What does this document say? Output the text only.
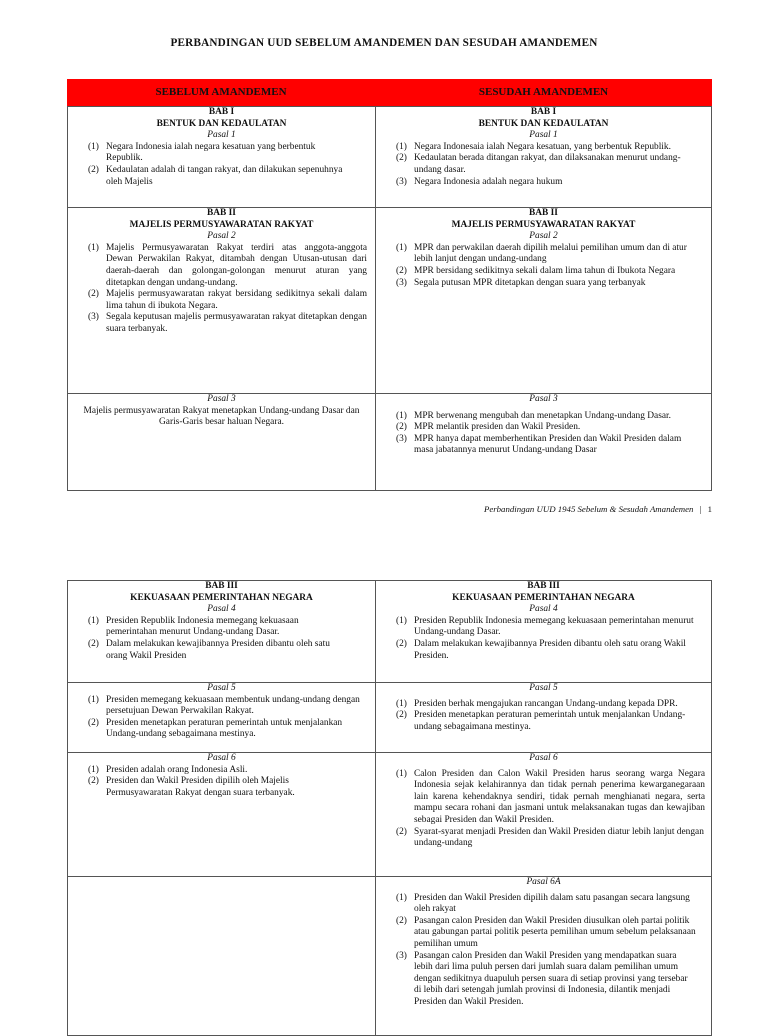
PERBANDINGAN UUD SEBELUM AMANDEMEN DAN SESUDAH AMANDEMEN
SEBELUM AMANDEMEN	SESUDAH AMANDEMEN
BAB I
BENTUK DAN KEDAULATAN
Pasal 1
(1) Negara Indonesia ialah negara kesatuan yang berbentuk Republik.
(2) Kedaulatan adalah di tangan rakyat, dan dilakukan sepenuhnya oleh Majelis
BAB I
BENTUK DAN KEDAULATAN
Pasal 1
(1) Negara Indonesaia ialah Negara kesatuan, yang berbentuk Republik.
(2) Kedaulatan berada ditangan rakyat, dan dilaksanakan menurut undang-undang dasar.
(3) Negara Indonesia adalah negara hukum
BAB II
MAJELIS PERMUSYAWARATAN RAKYAT
Pasal 2
(1) Majelis Permusyawaratan Rakyat terdiri atas anggota-anggota Dewan Perwakilan Rakyat, ditambah dengan Utusan-utusan dari daerah-daerah dan golongan-golongan menurut aturan yang ditetapkan dengan undang-undang.
(2) Majelis permusyawaratan rakyat bersidang sedikitnya sekali dalam lima tahun di ibukota Negara.
(3) Segala keputusan majelis permusyawaratan rakyat ditetapkan dengan suara terbanyak.
BAB II
MAJELIS PERMUSYAWARATAN RAKYAT
Pasal 2
(1) MPR dan perwakilan daerah dipilih melalui pemilihan umum dan di atur lebih lanjut dengan undang-undang
(2) MPR bersidang sedikitnya sekali dalam lima tahun di Ibukota Negara
(3) Segala putusan MPR ditetapkan dengan suara yang terbanyak
Pasal 3
Majelis permusyawaratan Rakyat menetapkan Undang-undang Dasar dan Garis-Garis besar haluan Negara.
Pasal 3
(1) MPR berwenang mengubah dan menetapkan Undang-undang Dasar.
(2) MPR melantik presiden dan Wakil Presiden.
(3) MPR hanya dapat memberhentikan Presiden dan Wakil Presiden dalam masa jabatannya menurut Undang-undang Dasar
Perbandingan UUD 1945 Sebelum & Sesudah Amandemen | 1
BAB III
KEKUASAAN PEMERINTAHAN NEGARA
Pasal 4
(1) Presiden Republik Indonesia memegang kekuasaan pemerintahan menurut Undang-undang Dasar.
(2) Dalam melakukan kewajibannya Presiden dibantu oleh satu orang Wakil Presiden
BAB III
KEKUASAAN PEMERINTAHAN NEGARA
Pasal 4
(1) Presiden Republik Indonesia memegang kekuasaan pemerintahan menurut Undang-undang Dasar.
(2) Dalam melakukan kewajibannya Presiden dibantu oleh satu orang Wakil Presiden.
Pasal 5
(1) Presiden memegang kekuasaan membentuk undang-undang dengan persetujuan Dewan Perwakilan Rakyat.
(2) Presiden menetapkan peraturan pemerintah untuk menjalankan Undang-undang sebagaimana mestinya.
Pasal 5
(1) Presiden berhak mengajukan rancangan Undang-undang kepada DPR.
(2) Presiden menetapkan peraturan pemerintah untuk menjalankan Undang-undang sebagaimana mestinya.
Pasal 6
(1) Presiden adalah orang Indonesia Asli.
(2) Presiden dan Wakil Presiden dipilih oleh Majelis Permusyawaratan Rakyat dengan suara terbanyak.
Pasal 6
(1) Calon Presiden dan Calon Wakil Presiden harus seorang warga Negara Indonesia sejak kelahirannya dan tidak pernah penerima kewarganegaraan lain karena kehendaknya sendiri, tidak pernah menghianati negara, serta mampu secara rohani dan jasmani untuk melaksanakan tugas dan kewajiban sebagai Presiden dan Wakil Presiden.
(2) Syarat-syarat menjadi Presiden dan Wakil Presiden diatur lebih lanjut dengan undang-undang
Pasal 6A
(1) Presiden dan Wakil Presiden dipilih dalam satu pasangan secara langsung oleh rakyat
(2) Pasangan calon Presiden dan Wakil Presiden diusulkan oleh partai politik atau gabungan partai politik peserta pemilihan umum sebelum pelaksanaan pemilihan umum
(3) Pasangan calon Presiden dan Wakil Presiden yang mendapatkan suara lebih dari lima puluh persen dari jumlah suara dalam pemilihan umum dengan sedikitnya duapuluh persen suara di setiap provinsi yang tersebar di lebih dari setengah jumlah provinsi di Indonesia, dilantik menjadi Presiden dan Wakil Presiden.
